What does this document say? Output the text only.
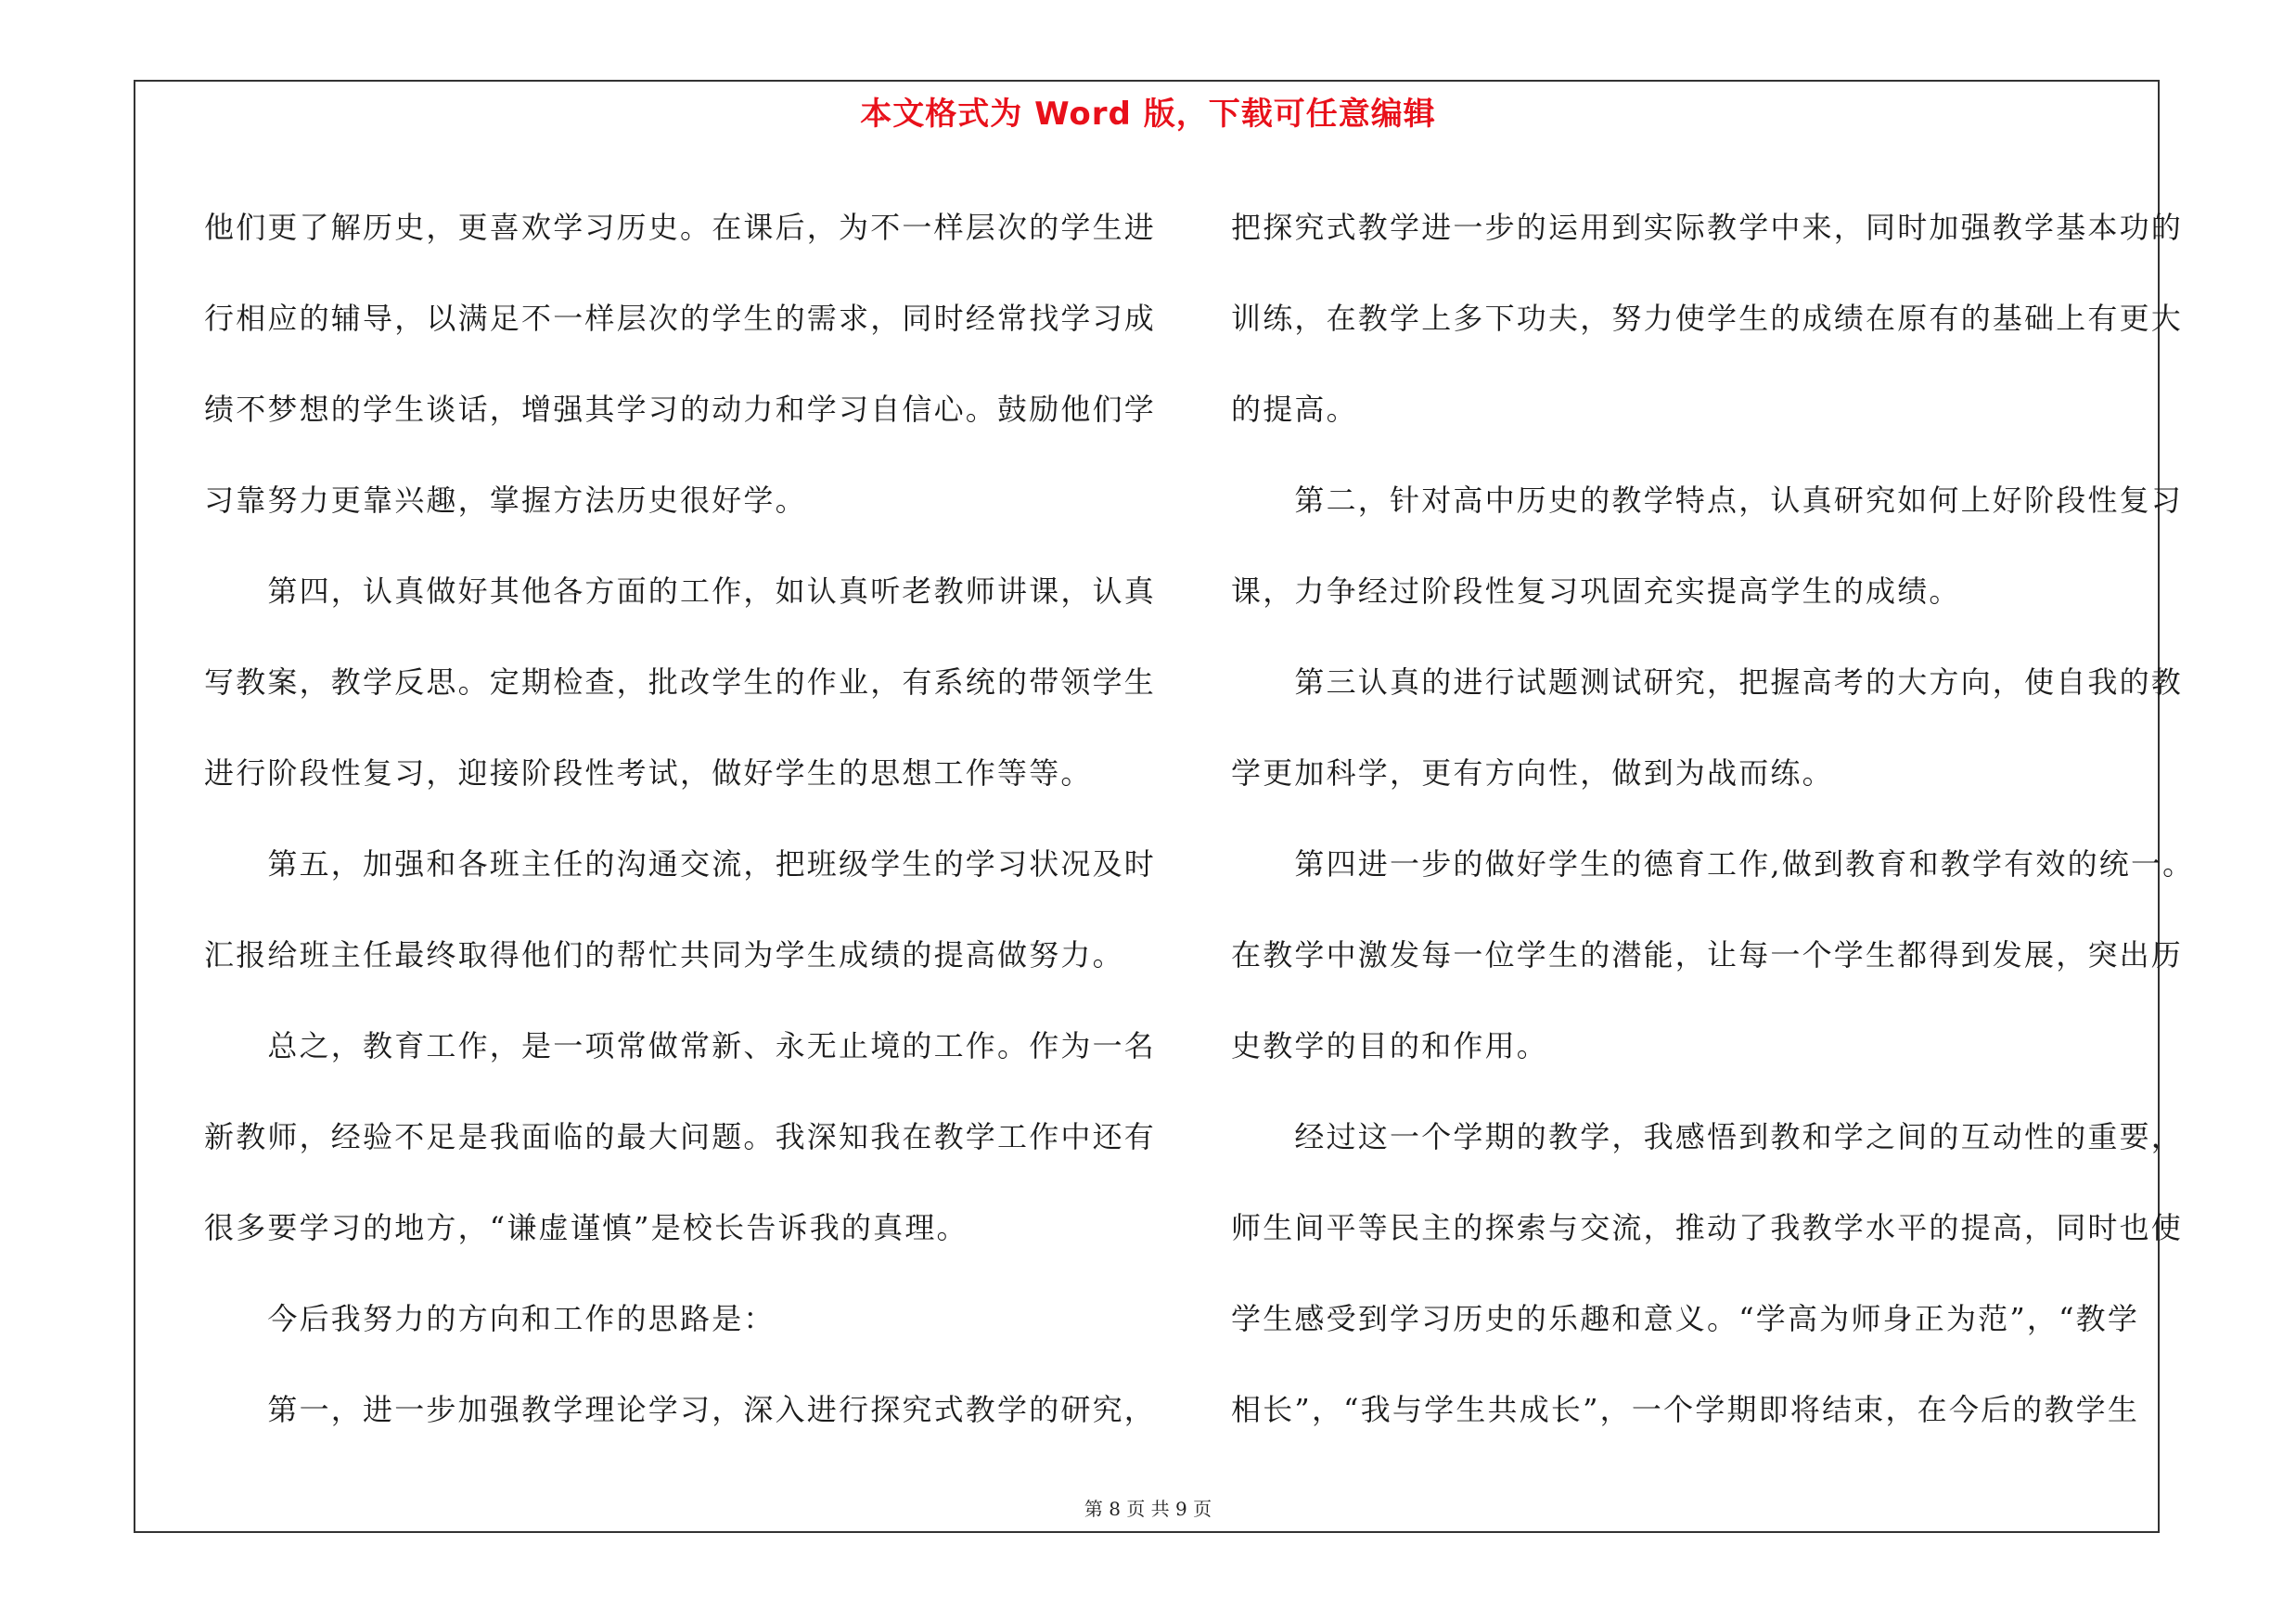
本文格式为 Word 版，下载可任意编辑
他们更了解历史，更喜欢学习历史。在课后，为不一样层次的学生进
行相应的辅导，以满足不一样层次的学生的需求，同时经常找学习成
绩不梦想的学生谈话，增强其学习的动力和学习自信心。鼓励他们学
习靠努力更靠兴趣，掌握方法历史很好学。
　　第四，认真做好其他各方面的工作，如认真听老教师讲课，认真
写教案，教学反思。定期检查，批改学生的作业，有系统的带领学生
进行阶段性复习，迎接阶段性考试，做好学生的思想工作等等。
　　第五，加强和各班主任的沟通交流，把班级学生的学习状况及时
汇报给班主任最终取得他们的帮忙共同为学生成绩的提高做努力。
　　总之，教育工作，是一项常做常新、永无止境的工作。作为一名
新教师，经验不足是我面临的最大问题。我深知我在教学工作中还有
很多要学习的地方，“谦虚谨慎”是校长告诉我的真理。
　　今后我努力的方向和工作的思路是：
　　第一，进一步加强教学理论学习，深入进行探究式教学的研究，
把探究式教学进一步的运用到实际教学中来，同时加强教学基本功的
训练，在教学上多下功夫，努力使学生的成绩在原有的基础上有更大
的提高。
　　第二，针对高中历史的教学特点，认真研究如何上好阶段性复习
课，力争经过阶段性复习巩固充实提高学生的成绩。
　　第三认真的进行试题测试研究，把握高考的大方向，使自我的教
学更加科学，更有方向性，做到为战而练。
　　第四进一步的做好学生的德育工作,做到教育和教学有效的统一。
在教学中激发每一位学生的潜能，让每一个学生都得到发展，突出历
史教学的目的和作用。
　　经过这一个学期的教学，我感悟到教和学之间的互动性的重要，
师生间平等民主的探索与交流，推动了我教学水平的提高，同时也使
学生感受到学习历史的乐趣和意义。“学高为师身正为范”，“教学
相长”，“我与学生共成长”，一个学期即将结束，在今后的教学生
第 8 页 共 9 页
